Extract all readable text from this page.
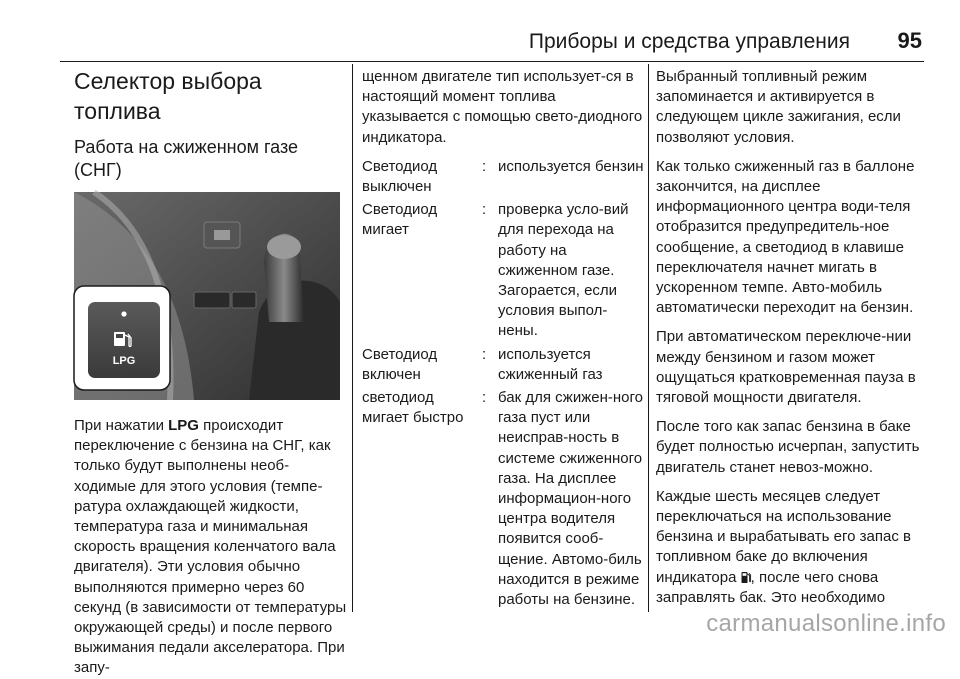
Приборы и средства управления 95
Селектор выбора топлива
Работа на сжиженном газе (СНГ)
LPG
При нажатии LPG происходит переключение с бензина на СНГ, как только будут выполнены необ-ходимые для этого условия (темпе-ратура охлаждающей жидкости, температура газа и минимальная скорость вращения коленчатого вала двигателя). Эти условия обычно выполняются примерно через 60 секунд (в зависимости от температуры окружающей среды) и после первого выжимания педали акселератора. При запу-
щенном двигателе тип использует-ся в настоящий момент топлива указывается с помощью свето-диодного индикатора.
Светодиод выключен
: используется бензин
Светодиод мигает
: проверка усло-вий для перехода на работу на сжиженном газе. Загорается, если условия выпол-нены.
Светодиод включен
: используется сжиженный газ
светодиод мигает быстро
: бак для сжижен-ного газа пуст или неисправ-ность в системе сжиженного газа. На дисплее информацион-ного центра водителя появится сооб-щение. Автомо-биль находится в режиме работы на бензине.
Выбранный топливный режим запоминается и активируется в следующем цикле зажигания, если позволяют условия.
Как только сжиженный газ в баллоне закончится, на дисплее информационного центра води-теля отобразится предупредитель-ное сообщение, а светодиод в клавише переключателя начнет мигать в ускоренном темпе. Авто-мобиль автоматически переходит на бензин.
При автоматическом переключе-нии между бензином и газом может ощущаться кратковременная пауза в тяговой мощности двигателя.
После того как запас бензина в баке будет полностью исчерпан, запустить двигатель станет невоз-можно.
Каждые шесть месяцев следует переключаться на использование бензина и вырабатывать его запас в топливном баке до включения индикатора , после чего снова заправлять бак. Это необходимо
carmanualsonline.info
